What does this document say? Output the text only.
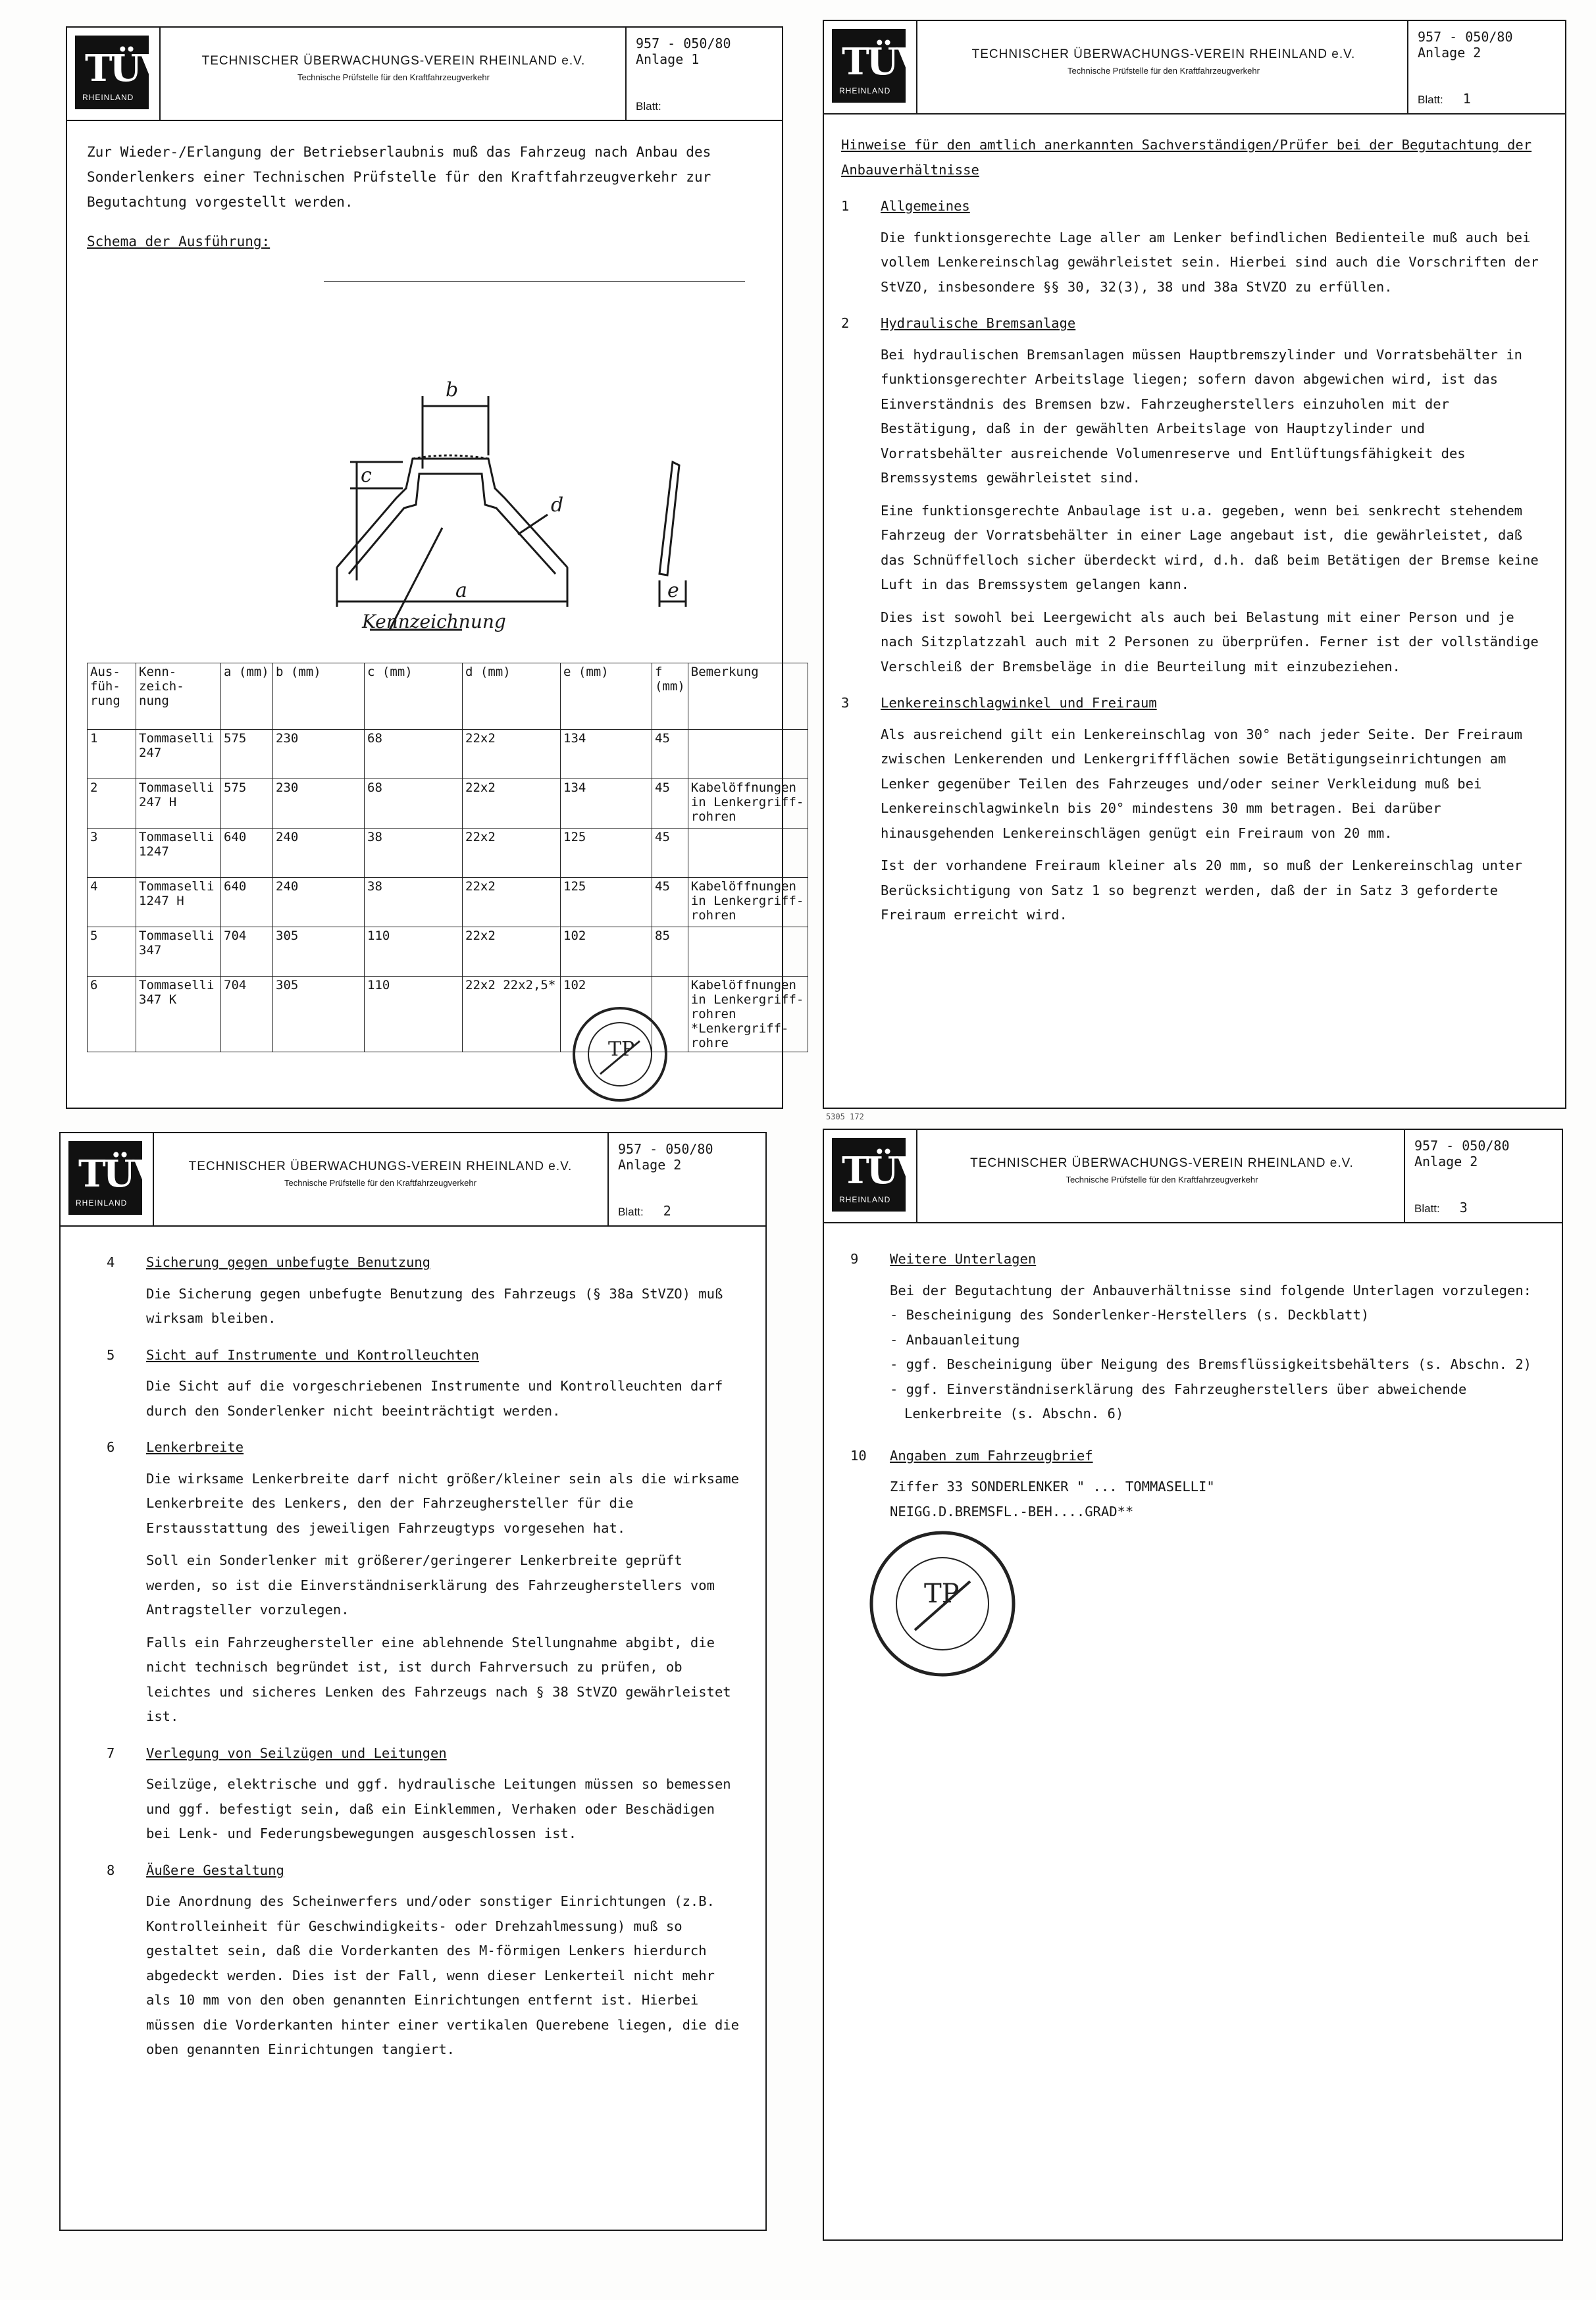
TÜV
RHEINLAND
TECHNISCHER ÜBERWACHUNGS-VEREIN RHEINLAND e.V.
Technische Prüfstelle für den Kraftfahrzeugverkehr
957 - 050/80
Anlage 1
Blatt:

Zur Wieder-/Erlangung der Betriebserlaubnis muß das Fahrzeug nach Anbau des Sonderlenkers einer Technischen Prüfstelle für den Kraftfahrzeugverkehr zur Begutachtung vorgestellt werden.

Schema der Ausführung:

b
c
d
a	e
Kennzeichnung
Aus- füh- rung	Kenn- zeich- nung	a (mm)	b (mm)	c (mm)	d (mm)	e (mm)	f (mm)	Bemerkung
1	Tommaselli 247	575	230	68	22x2	134	45	
2	Tommaselli 247 H	575	230	68	22x2	134	45	Kabelöffnungen in Lenkergriff-rohren
3	Tommaselli 1247	640	240	38	22x2	125	45	
4	Tommaselli 1247 H	640	240	38	22x2	125	45	Kabelöffnungen in Lenkergriff-rohren
5	Tommaselli 347	704	305	110	22x2	102	85	
6	Tommaselli 347 K	704	305	110	22x2 22x2,5*	102		Kabelöffnungen in Lenkergriff-rohren *Lenkergriff-rohre
TP
TÜV
RHEINLAND
TECHNISCHER ÜBERWACHUNGS-VEREIN RHEINLAND e.V.
Technische Prüfstelle für den Kraftfahrzeugverkehr
957 - 050/80
Anlage 2
Blatt: 1

Hinweise für den amtlich anerkannten Sachverständigen/Prüfer bei der Begutachtung der Anbauverhältnisse

1 Allgemeines

Die funktionsgerechte Lage aller am Lenker befindlichen Bedienteile muß auch bei vollem Lenkereinschlag gewährleistet sein. Hierbei sind auch die Vorschriften der StVZO, insbesondere §§ 30, 32(3), 38 und 38a StVZO zu erfüllen.

2 Hydraulische Bremsanlage

Bei hydraulischen Bremsanlagen müssen Hauptbremszylinder und Vorratsbehälter in funktionsgerechter Arbeitslage liegen; sofern davon abgewichen wird, ist das Einverständnis des Bremsen bzw. Fahrzeugherstellers einzuholen mit der Bestätigung, daß in der gewählten Arbeitslage von Hauptzylinder und Vorratsbehälter ausreichende Volumenreserve und Entlüftungsfähigkeit des Bremssystems gewährleistet sind.

Eine funktionsgerechte Anbaulage ist u.a. gegeben, wenn bei senkrecht stehendem Fahrzeug der Vorratsbehälter in einer Lage angebaut ist, die gewährleistet, daß das Schnüffelloch sicher überdeckt wird, d.h. daß beim Betätigen der Bremse keine Luft in das Bremssystem gelangen kann.

Dies ist sowohl bei Leergewicht als auch bei Belastung mit einer Person und je nach Sitzplatzzahl auch mit 2 Personen zu überprüfen. Ferner ist der vollständige Verschleiß der Bremsbeläge in die Beurteilung mit einzubeziehen.

3 Lenkereinschlagwinkel und Freiraum

Als ausreichend gilt ein Lenkereinschlag von 30° nach jeder Seite. Der Freiraum zwischen Lenkerenden und Lenkergriffflächen sowie Betätigungseinrichtungen am Lenker gegenüber Teilen des Fahrzeuges und/oder seiner Verkleidung muß bei Lenkereinschlagwinkeln bis 20° mindestens 30 mm betragen. Bei darüber hinausgehenden Lenkereinschlägen genügt ein Freiraum von 20 mm.

Ist der vorhandene Freiraum kleiner als 20 mm, so muß der Lenkereinschlag unter Berücksichtigung von Satz 1 so begrenzt werden, daß der in Satz 3 geforderte Freiraum erreicht wird.

5305 172
TÜV
RHEINLAND
TECHNISCHER ÜBERWACHUNGS-VEREIN RHEINLAND e.V.
Technische Prüfstelle für den Kraftfahrzeugverkehr
957 - 050/80
Anlage 2
Blatt: 2
4 Sicherung gegen unbefugte Benutzung

Die Sicherung gegen unbefugte Benutzung des Fahrzeugs (§ 38a StVZO) muß wirksam bleiben.

5 Sicht auf Instrumente und Kontrolleuchten

Die Sicht auf die vorgeschriebenen Instrumente und Kontrolleuchten darf durch den Sonderlenker nicht beeinträchtigt werden.

6 Lenkerbreite

Die wirksame Lenkerbreite darf nicht größer/kleiner sein als die wirksame Lenkerbreite des Lenkers, den der Fahrzeughersteller für die Erstausstattung des jeweiligen Fahrzeugtyps vorgesehen hat.

Soll ein Sonderlenker mit größerer/geringerer Lenkerbreite geprüft werden, so ist die Einverständniserklärung des Fahrzeugherstellers vom Antragsteller vorzulegen.

Falls ein Fahrzeughersteller eine ablehnende Stellungnahme abgibt, die nicht technisch begründet ist, ist durch Fahrversuch zu prüfen, ob leichtes und sicheres Lenken des Fahrzeugs nach § 38 StVZO gewährleistet ist.

7 Verlegung von Seilzügen und Leitungen

Seilzüge, elektrische und ggf. hydraulische Leitungen müssen so bemessen und ggf. befestigt sein, daß ein Einklemmen, Verhaken oder Beschädigen bei Lenk- und Federungsbewegungen ausgeschlossen ist.

8 Äußere Gestaltung

Die Anordnung des Scheinwerfers und/oder sonstiger Einrichtungen (z.B. Kontrolleinheit für Geschwindigkeits- oder Drehzahlmessung) muß so gestaltet sein, daß die Vorderkanten des M-förmigen Lenkers hierdurch abgedeckt werden. Dies ist der Fall, wenn dieser Lenkerteil nicht mehr als 10 mm von den oben genannten Einrichtungen entfernt ist. Hierbei müssen die Vorderkanten hinter einer vertikalen Querebene liegen, die die oben genannten Einrichtungen tangiert.

TÜV
RHEINLAND
TECHNISCHER ÜBERWACHUNGS-VEREIN RHEINLAND e.V.
Technische Prüfstelle für den Kraftfahrzeugverkehr
957 - 050/80
Anlage 2
Blatt: 3
9 Weitere Unterlagen

Bei der Begutachtung der Anbauverhältnisse sind folgende Unterlagen vorzulegen:

- Bescheinigung des Sonderlenker-Herstellers (s. Deckblatt)
- Anbauanleitung
- ggf. Bescheinigung über Neigung des Bremsflüssigkeitsbehälters (s. Abschn. 2)
- ggf. Einverständniserklärung des Fahrzeugherstellers über abweichende Lenkerbreite (s. Abschn. 6)
10 Angaben zum Fahrzeugbrief
Ziffer 33 SONDERLENKER " ... TOMMASELLI"
NEIGG.D.BREMSFL.-BEH....GRAD**
TP
